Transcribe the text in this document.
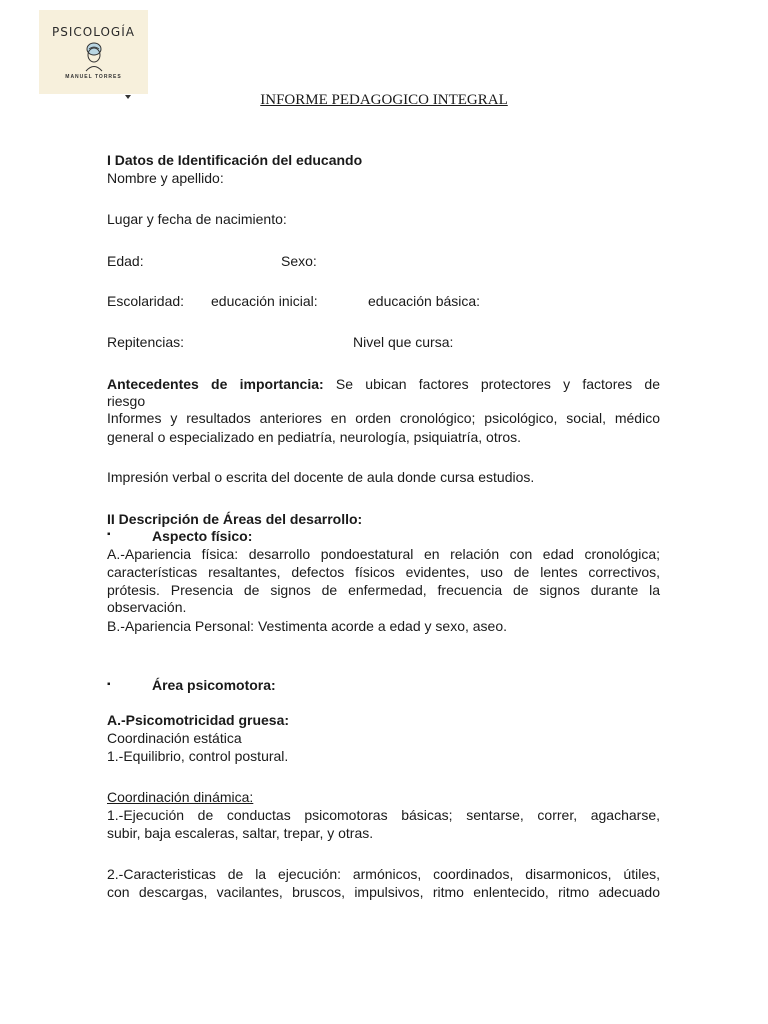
PSICOLOGÍA
MANUEL TORRES
INFORME PEDAGOGICO INTEGRAL
I Datos de Identificación del educando
Nombre y apellido:
Lugar y fecha de nacimiento:
Edad:	Sexo:
Escolaridad: educación inicial:	educación básica:
Repitencias:	Nivel que cursa:
Antecedentes de importancia: Se ubican factores protectores y factores de
riesgo
Informes y resultados anteriores en orden cronológico; psicológico, social, médico
general o especializado en pediatría, neurología, psiquiatría, otros.
Impresión verbal o escrita del docente de aula donde cursa estudios.
II Descripción de Áreas del desarrollo:
▪	Aspecto físico:
A.-Apariencia física: desarrollo pondoestatural en relación con edad cronológica;
características resaltantes, defectos físicos evidentes, uso de lentes correctivos,
prótesis. Presencia de signos de enfermedad, frecuencia de signos durante la
observación.
B.-Apariencia Personal: Vestimenta acorde a edad y sexo, aseo.
▪	Área psicomotora:
A.-Psicomotricidad gruesa:
Coordinación estática
1.-Equilibrio, control postural.
Coordinación dinámica:
1.-Ejecución de conductas psicomotoras básicas; sentarse, correr, agacharse,
subir, baja escaleras, saltar, trepar, y otras.
2.-Caracteristicas de la ejecución: armónicos, coordinados, disarmonicos, útiles,
con descargas, vacilantes, bruscos, impulsivos, ritmo enlentecido, ritmo adecuado
